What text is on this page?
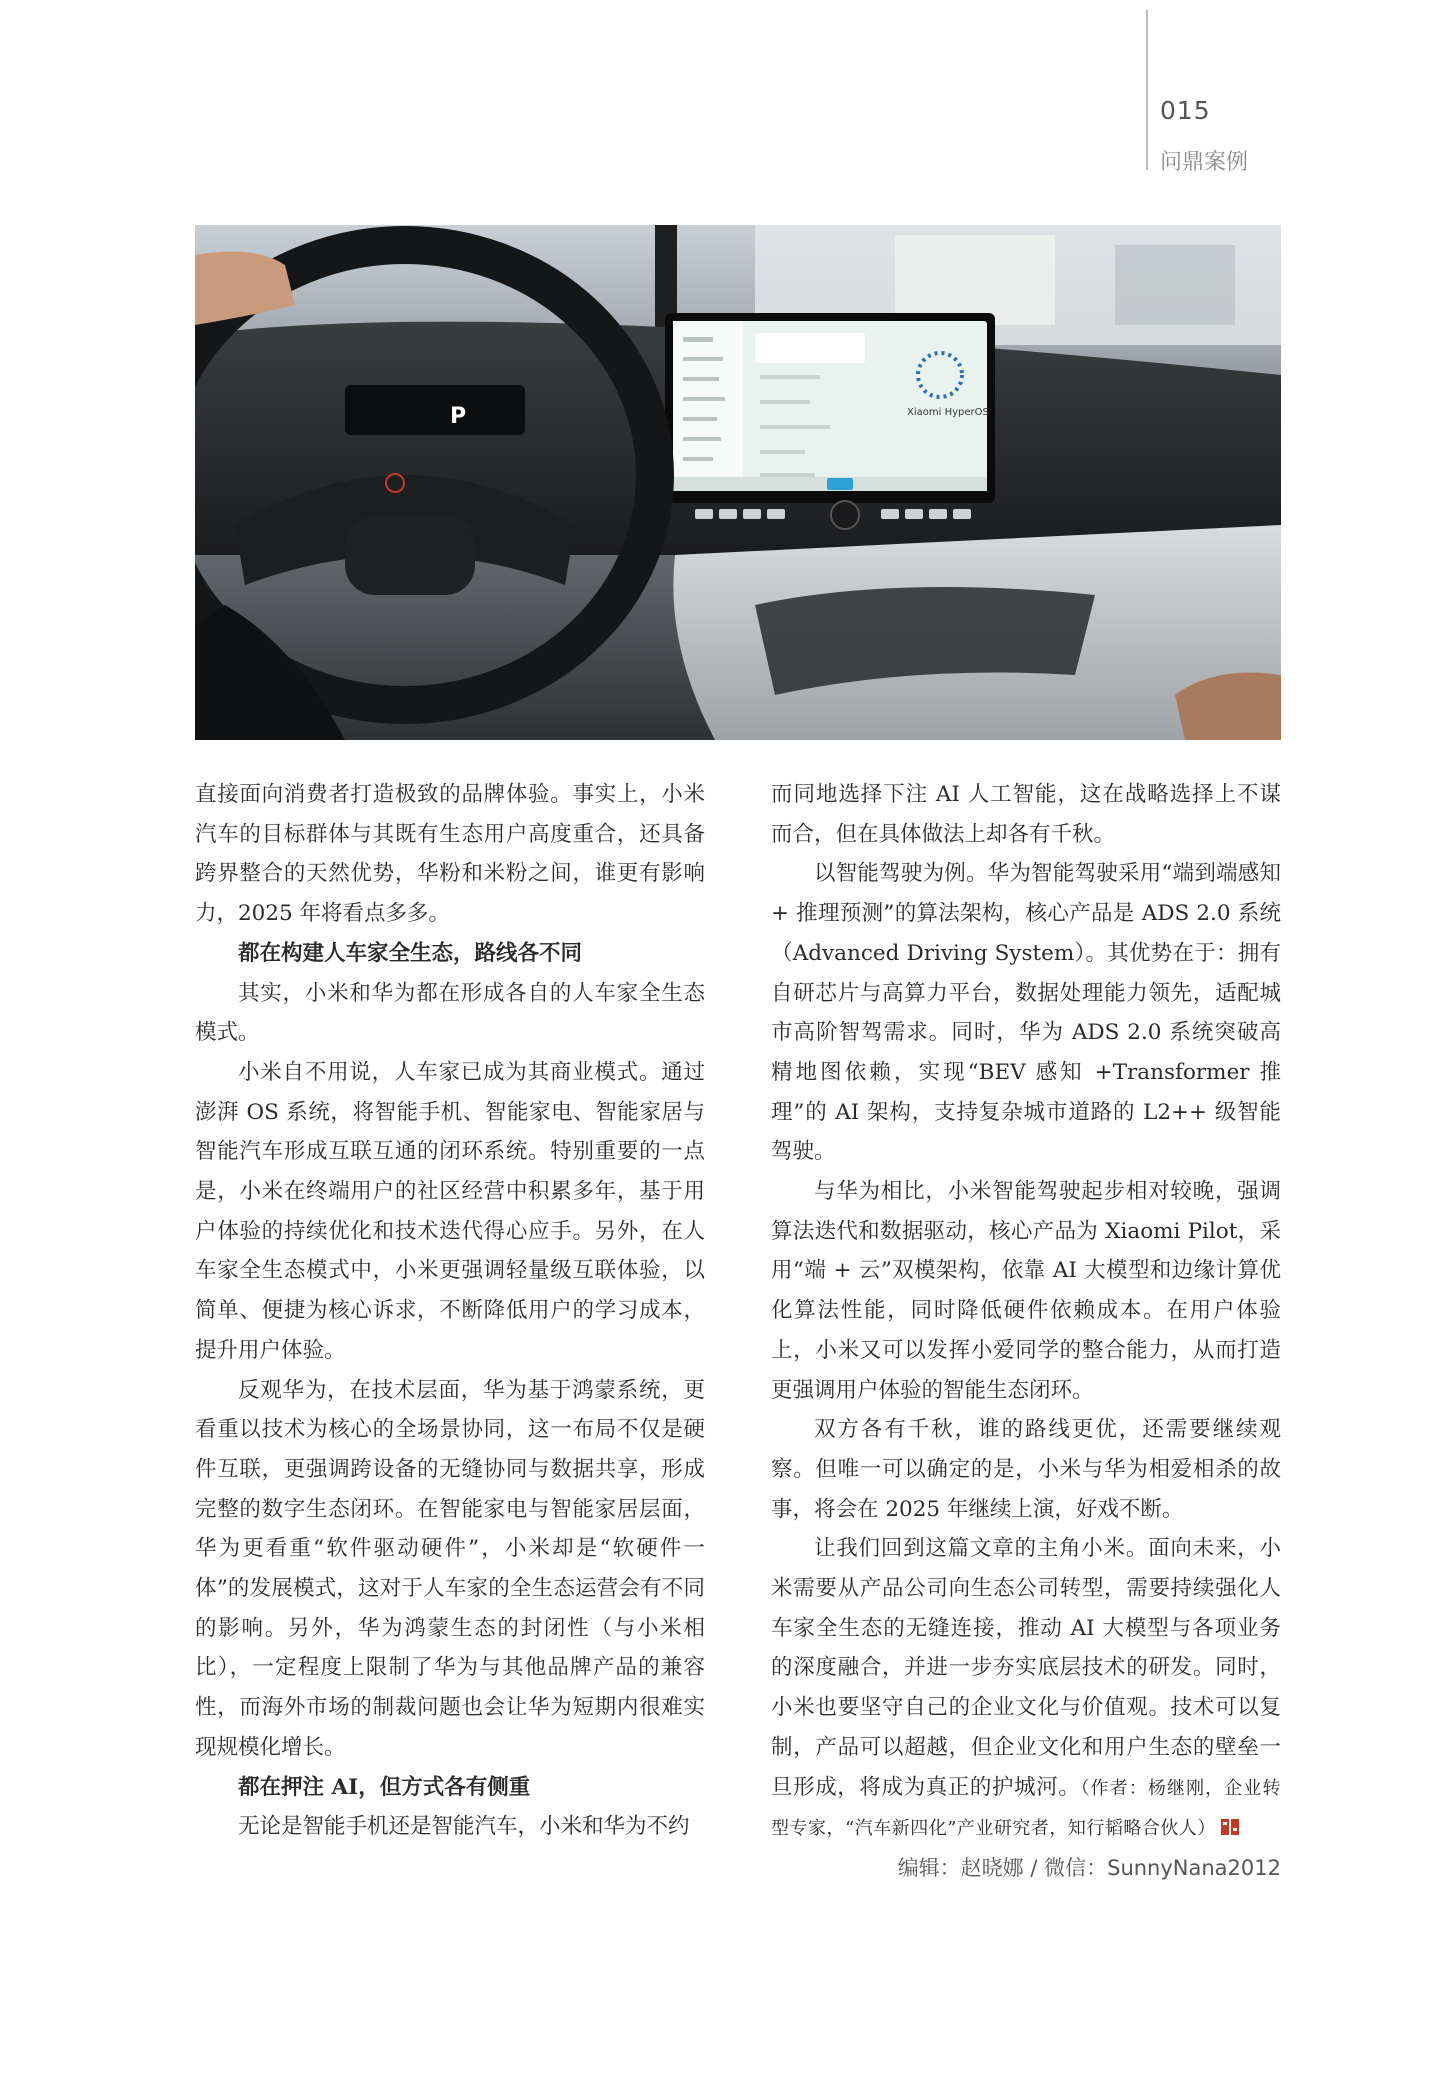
015
问鼎案例
P	Xiaomi HyperOS

直接面向消费者打造极致的品牌体验。事实上，小米汽车的目标群体与其既有生态用户高度重合，还具备跨界整合的天然优势，华粉和米粉之间，谁更有影响力，2025 年将看点多多。

都在构建人车家全生态，路线各不同

其实，小米和华为都在形成各自的人车家全生态模式。

小米自不用说，人车家已成为其商业模式。通过澎湃 OS 系统，将智能手机、智能家电、智能家居与智能汽车形成互联互通的闭环系统。特别重要的一点是，小米在终端用户的社区经营中积累多年，基于用户体验的持续优化和技术迭代得心应手。另外，在人车家全生态模式中，小米更强调轻量级互联体验，以简单、便捷为核心诉求，不断降低用户的学习成本，提升用户体验。

反观华为，在技术层面，华为基于鸿蒙系统，更看重以技术为核心的全场景协同，这一布局不仅是硬件互联，更强调跨设备的无缝协同与数据共享，形成完整的数字生态闭环。在智能家电与智能家居层面，华为更看重“软件驱动硬件”，小米却是“软硬件一体”的发展模式，这对于人车家的全生态运营会有不同的影响。另外，华为鸿蒙生态的封闭性（与小米相比），一定程度上限制了华为与其他品牌产品的兼容性，而海外市场的制裁问题也会让华为短期内很难实现规模化增长。

都在押注 AI，但方式各有侧重

无论是智能手机还是智能汽车，小米和华为不约

而同地选择下注 AI 人工智能，这在战略选择上不谋而合，但在具体做法上却各有千秋。

以智能驾驶为例。华为智能驾驶采用“端到端感知 + 推理预测”的算法架构，核心产品是 ADS 2.0 系统（Advanced Driving System）。其优势在于：拥有自研芯片与高算力平台，数据处理能力领先，适配城市高阶智驾需求。同时，华为 ADS 2.0 系统突破高精地图依赖，实现“BEV 感知 +Transformer 推理”的 AI 架构，支持复杂城市道路的 L2++ 级智能驾驶。

与华为相比，小米智能驾驶起步相对较晚，强调算法迭代和数据驱动，核心产品为 Xiaomi Pilot，采用“端 + 云”双模架构，依靠 AI 大模型和边缘计算优化算法性能，同时降低硬件依赖成本。在用户体验上，小米又可以发挥小爱同学的整合能力，从而打造更强调用户体验的智能生态闭环。

双方各有千秋，谁的路线更优，还需要继续观察。但唯一可以确定的是，小米与华为相爱相杀的故事，将会在 2025 年继续上演，好戏不断。

让我们回到这篇文章的主角小米。面向未来，小米需要从产品公司向生态公司转型，需要持续强化人车家全生态的无缝连接，推动 AI 大模型与各项业务的深度融合，并进一步夯实底层技术的研发。同时，小米也要坚守自己的企业文化与价值观。技术可以复制，产品可以超越，但企业文化和用户生态的壁垒一旦形成，将成为真正的护城河。（作者：杨继刚，企业转型专家，“汽车新四化”产业研究者，知行韬略合伙人）

编辑：赵晓娜 / 微信：SunnyNana2012
